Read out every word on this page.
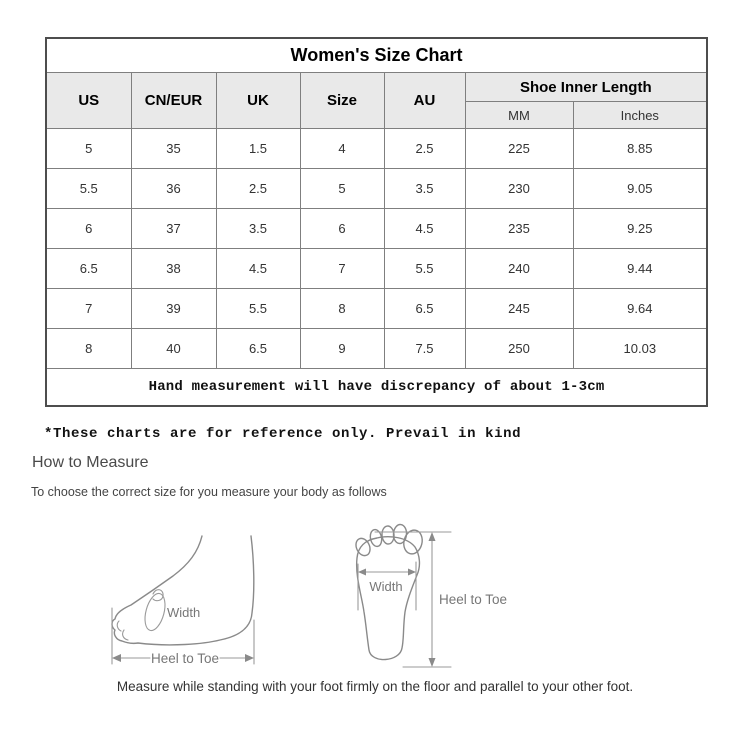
Women's Size Chart						
US	CN/EUR	UK	Size	AU	Shoe Inner Length	
					MM	Inches
5	35	1.5	4	2.5	225	8.85
5.5	36	2.5	5	3.5	230	9.05
6	37	3.5	6	4.5	235	9.25
6.5	38	4.5	7	5.5	240	9.44
7	39	5.5	8	6.5	245	9.64
8	40	6.5	9	7.5	250	10.03
Hand measurement will have discrepancy of about 1-3cm						
*These charts are for reference only. Prevail in kind
How to Measure
To choose the correct size for you measure your body as follows
Width
Heel to Toe
Width
Heel to Toe
Measure while standing with your foot firmly on the floor and parallel to your other foot.
